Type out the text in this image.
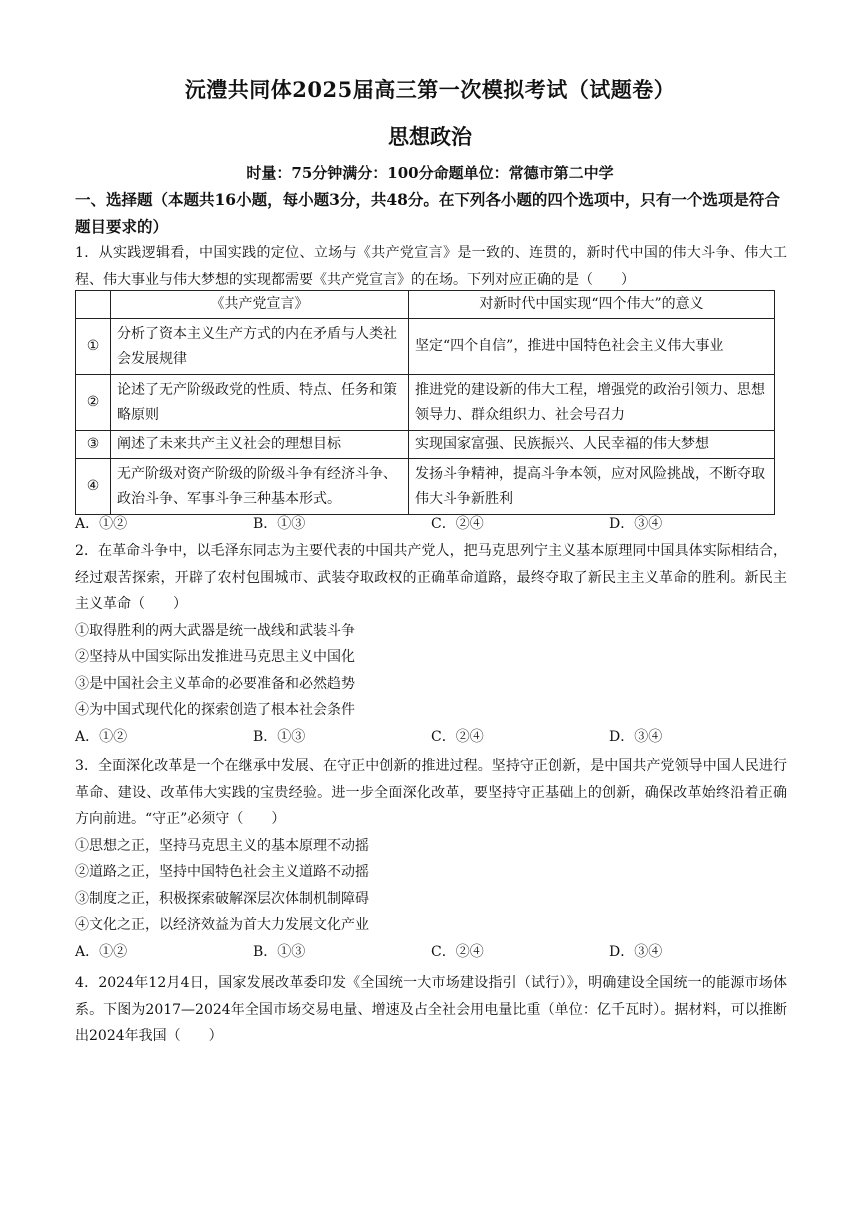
沅澧共同体2025届高三第一次模拟考试（试题卷）
思想政治
时量：75分钟满分：100分命题单位：常德市第二中学
一、选择题（本题共16小题，每小题3分，共48分。在下列各小题的四个选项中，只有一个选项是符合题目要求的）

1．从实践逻辑看，中国实践的定位、立场与《共产党宣言》是一致的、连贯的，新时代中国的伟大斗争、伟大工程、伟大事业与伟大梦想的实现都需要《共产党宣言》的在场。下列对应正确的是（　　）

	《共产党宣言》	对新时代中国实现“四个伟大”的意义
①	分析了资本主义生产方式的内在矛盾与人类社会发展规律	坚定“四个自信”，推进中国特色社会主义伟大事业
②	论述了无产阶级政党的性质、特点、任务和策略原则	推进党的建设新的伟大工程，增强党的政治引领力、思想领导力、群众组织力、社会号召力
③	阐述了未来共产主义社会的理想目标	实现国家富强、民族振兴、人民幸福的伟大梦想
④	无产阶级对资产阶级的阶级斗争有经济斗争、政治斗争、军事斗争三种基本形式。	发扬斗争精神，提高斗争本领，应对风险挑战，不断夺取伟大斗争新胜利
A．①②	B．①③	C．②④	D．③④

2．在革命斗争中，以毛泽东同志为主要代表的中国共产党人，把马克思列宁主义基本原理同中国具体实际相结合，经过艰苦探索，开辟了农村包围城市、武装夺取政权的正确革命道路，最终夺取了新民主主义革命的胜利。新民主主义革命（　　）

①取得胜利的两大武器是统一战线和武装斗争

②坚持从中国实际出发推进马克思主义中国化

③是中国社会主义革命的必要准备和必然趋势

④为中国式现代化的探索创造了根本社会条件

A．①②	B．①③	C．②④	D．③④

3．全面深化改革是一个在继承中发展、在守正中创新的推进过程。坚持守正创新，是中国共产党领导中国人民进行革命、建设、改革伟大实践的宝贵经验。进一步全面深化改革，要坚持守正基础上的创新，确保改革始终沿着正确方向前进。“守正”必须守（　　）

①思想之正，坚持马克思主义的基本原理不动摇

②道路之正，坚持中国特色社会主义道路不动摇

③制度之正，积极探索破解深层次体制机制障碍

④文化之正，以经济效益为首大力发展文化产业

A．①②	B．①③	C．②④	D．③④

4．2024年12月4日，国家发展改革委印发《全国统一大市场建设指引（试行）》，明确建设全国统一的能源市场体系。下图为2017—2024年全国市场交易电量、增速及占全社会用电量比重（单位：亿千瓦时）。据材料，可以推断出2024年我国（　　）
